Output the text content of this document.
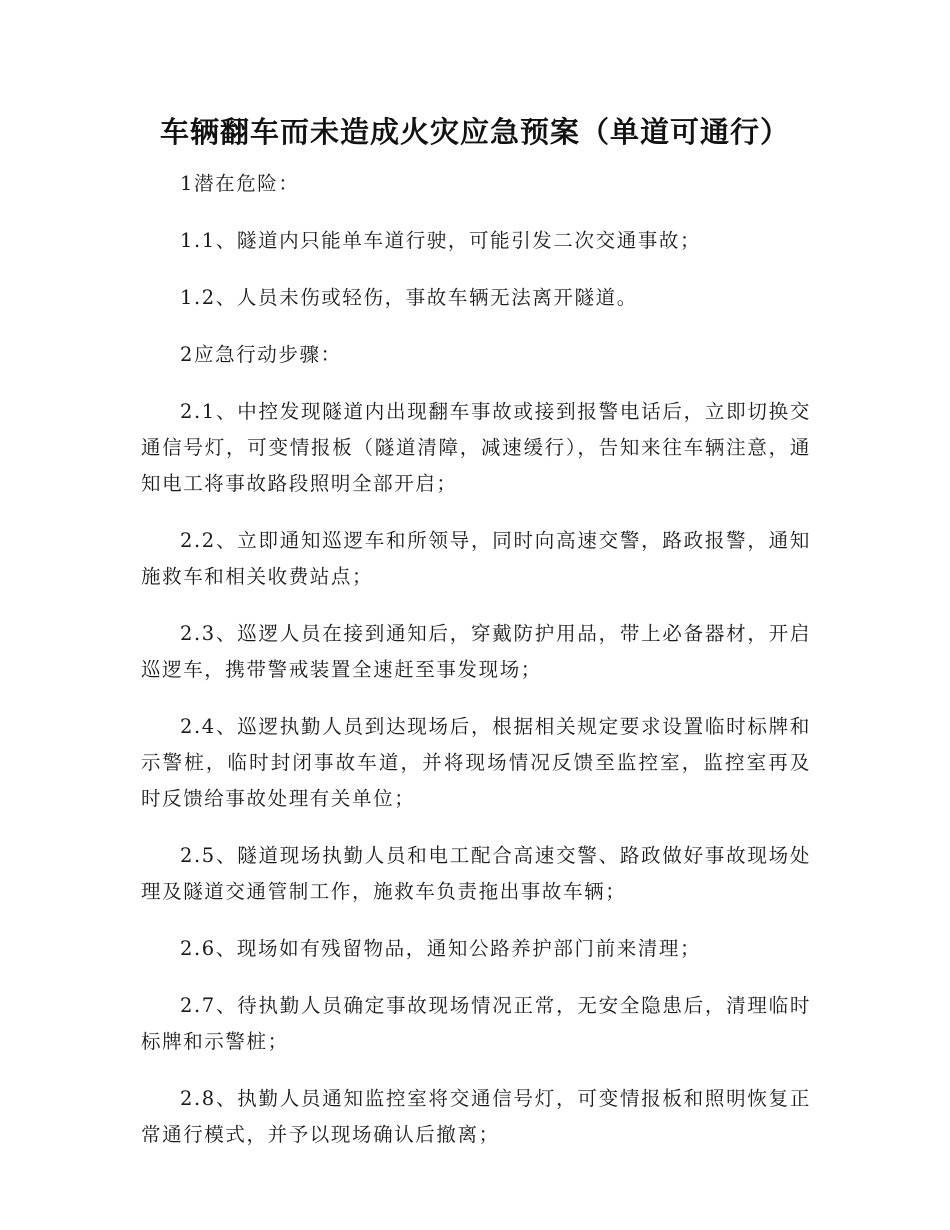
车辆翻车而未造成火灾应急预案（单道可通行）

1潜在危险：

1.1、隧道内只能单车道行驶，可能引发二次交通事故；

1.2、人员未伤或轻伤，事故车辆无法离开隧道。

2应急行动步骤：

2.1、中控发现隧道内出现翻车事故或接到报警电话后，立即切换交通信号灯，可变情报板（隧道清障，减速缓行），告知来往车辆注意，通知电工将事故路段照明全部开启；

2.2、立即通知巡逻车和所领导，同时向高速交警，路政报警，通知施救车和相关收费站点；

2.3、巡逻人员在接到通知后，穿戴防护用品，带上必备器材，开启巡逻车，携带警戒装置全速赶至事发现场；

2.4、巡逻执勤人员到达现场后，根据相关规定要求设置临时标牌和示警桩，临时封闭事故车道，并将现场情况反馈至监控室，监控室再及时反馈给事故处理有关单位；

2.5、隧道现场执勤人员和电工配合高速交警、路政做好事故现场处理及隧道交通管制工作，施救车负责拖出事故车辆；

2.6、现场如有残留物品，通知公路养护部门前来清理；

2.7、待执勤人员确定事故现场情况正常，无安全隐患后，清理临时标牌和示警桩；

2.8、执勤人员通知监控室将交通信号灯，可变情报板和照明恢复正常通行模式，并予以现场确认后撤离；
